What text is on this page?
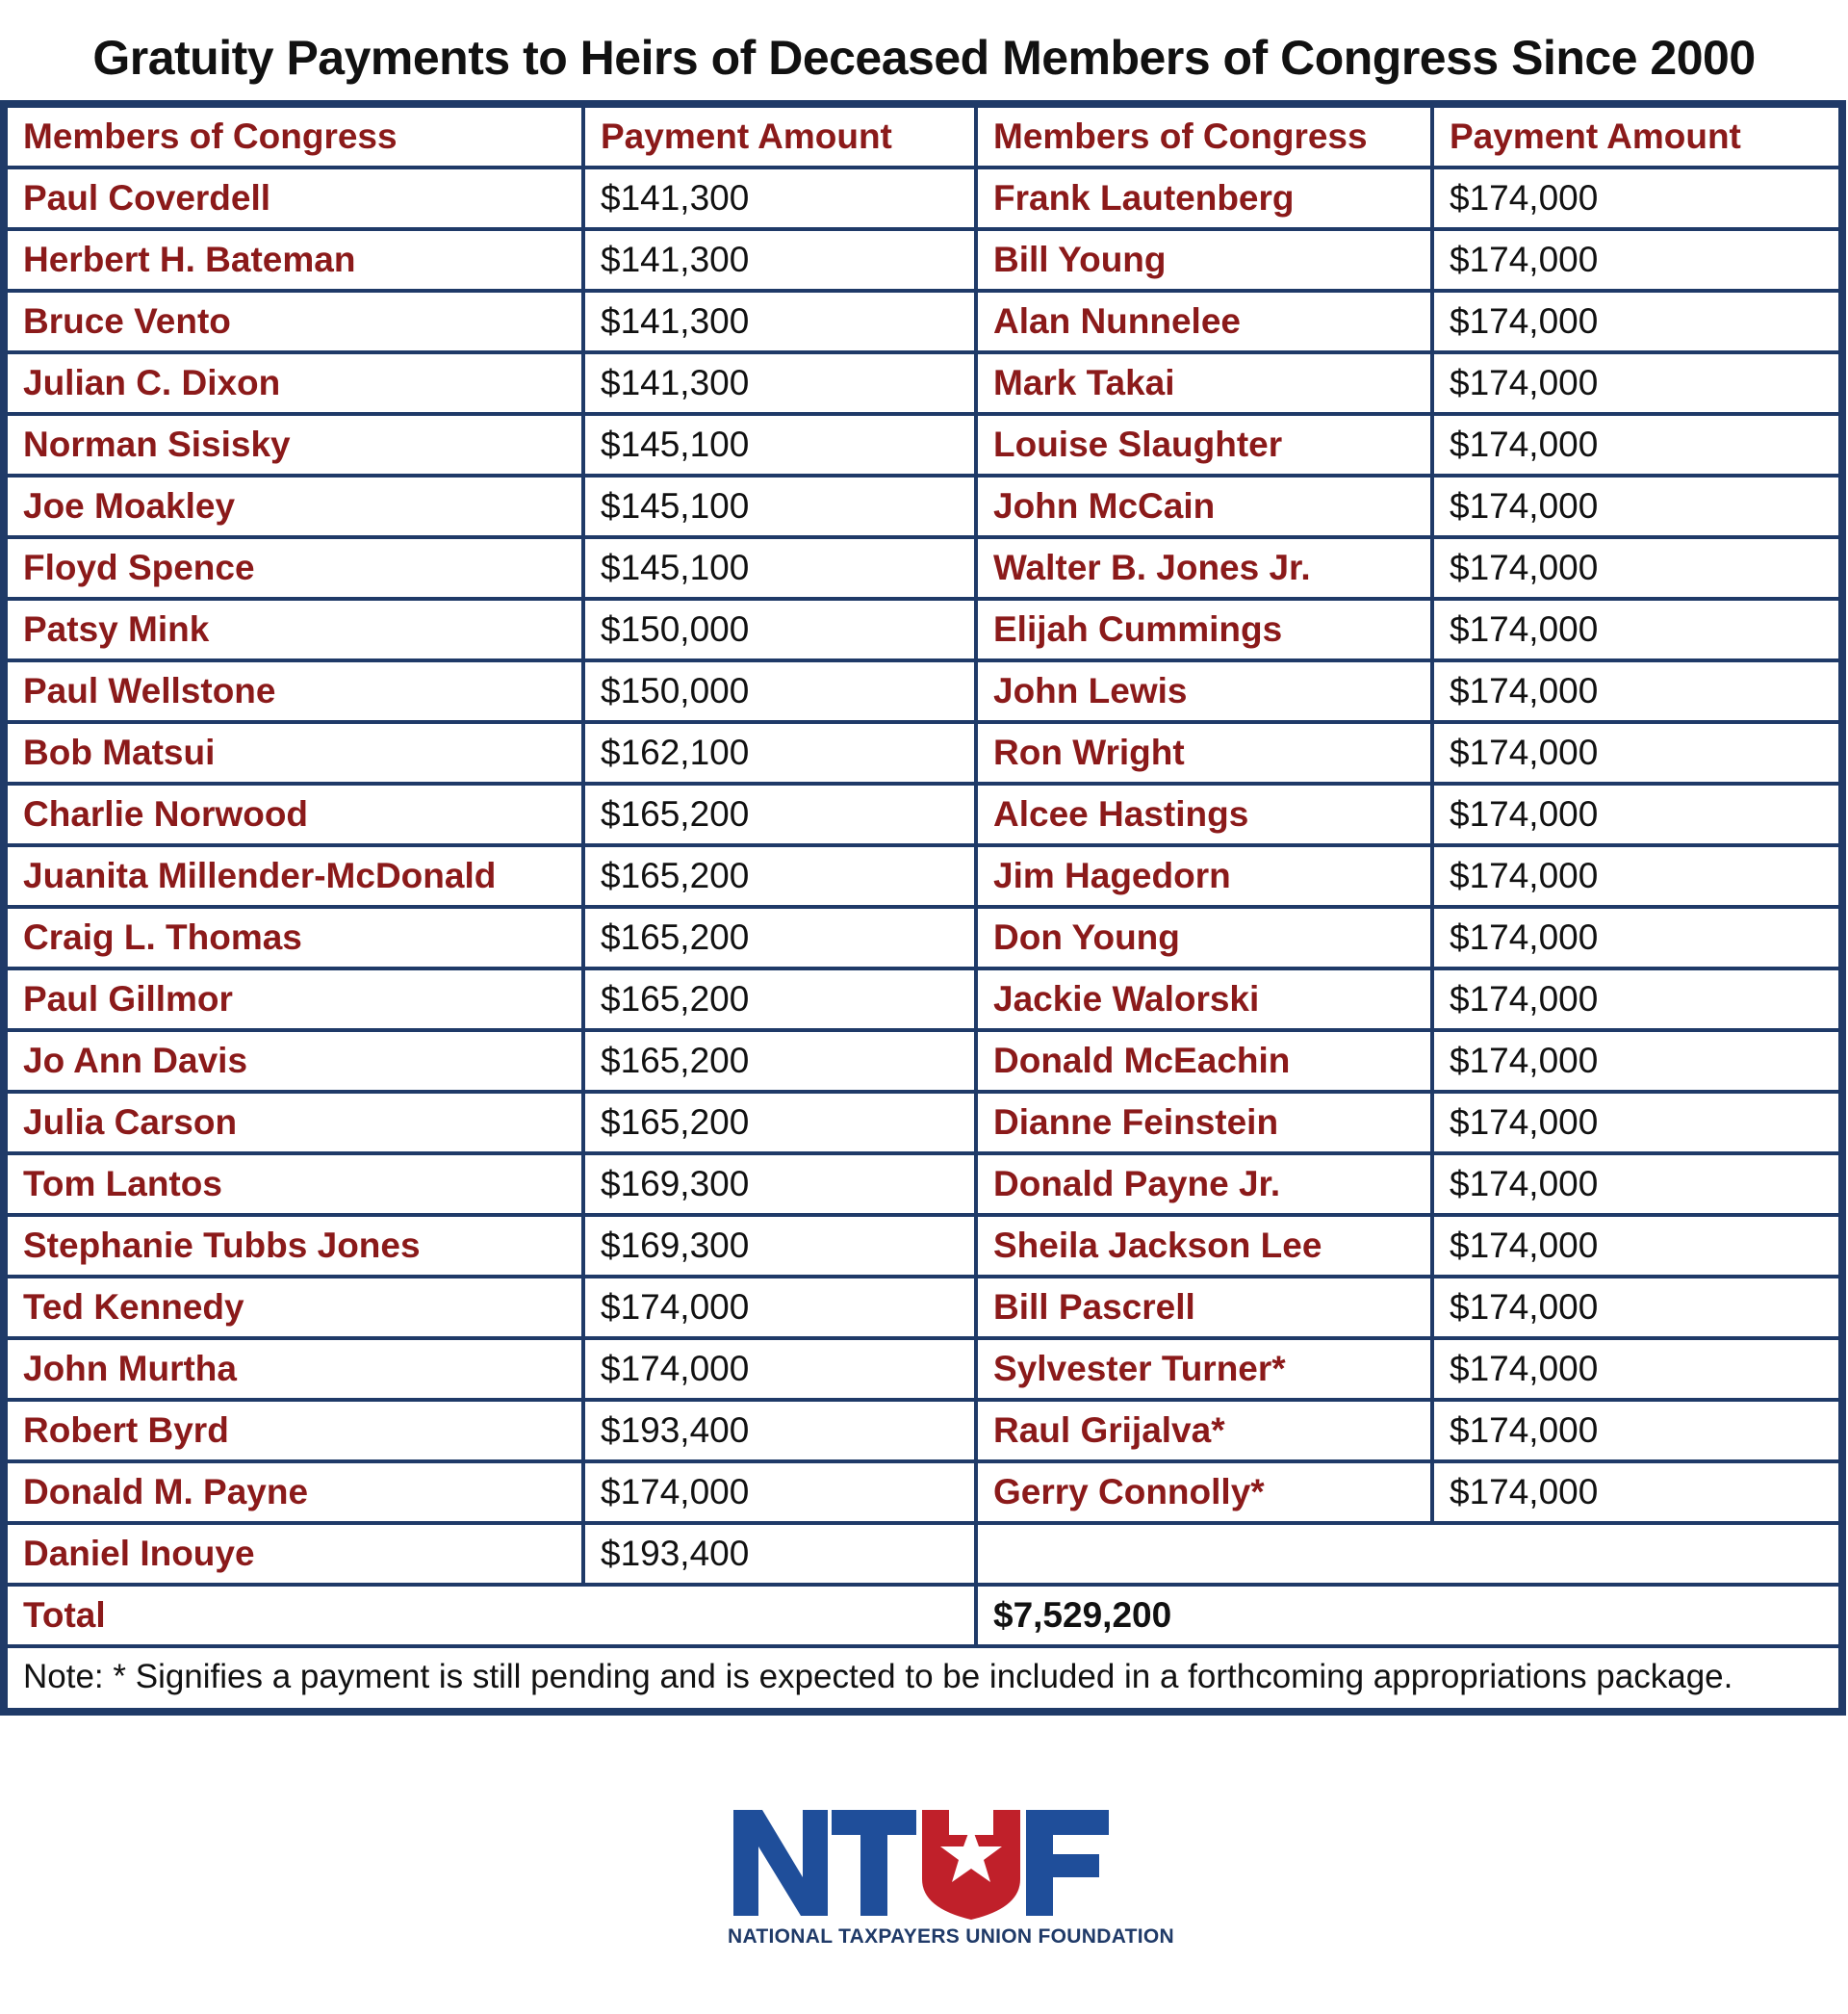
Gratuity Payments to Heirs of Deceased Members of Congress Since 2000
Members of Congress	Payment Amount	Members of Congress	Payment Amount
Paul Coverdell	$141,300	Frank Lautenberg	$174,000
Herbert H. Bateman	$141,300	Bill Young	$174,000
Bruce Vento	$141,300	Alan Nunnelee	$174,000
Julian C. Dixon	$141,300	Mark Takai	$174,000
Norman Sisisky	$145,100	Louise Slaughter	$174,000
Joe Moakley	$145,100	John McCain	$174,000
Floyd Spence	$145,100	Walter B. Jones Jr.	$174,000
Patsy Mink	$150,000	Elijah Cummings	$174,000
Paul Wellstone	$150,000	John Lewis	$174,000
Bob Matsui	$162,100	Ron Wright	$174,000
Charlie Norwood	$165,200	Alcee Hastings	$174,000
Juanita Millender-McDonald	$165,200	Jim Hagedorn	$174,000
Craig L. Thomas	$165,200	Don Young	$174,000
Paul Gillmor	$165,200	Jackie Walorski	$174,000
Jo Ann Davis	$165,200	Donald McEachin	$174,000
Julia Carson	$165,200	Dianne Feinstein	$174,000
Tom Lantos	$169,300	Donald Payne Jr.	$174,000
Stephanie Tubbs Jones	$169,300	Sheila Jackson Lee	$174,000
Ted Kennedy	$174,000	Bill Pascrell	$174,000
John Murtha	$174,000	Sylvester Turner*	$174,000
Robert Byrd	$193,400	Raul Grijalva*	$174,000
Donald M. Payne	$174,000	Gerry Connolly*	$174,000
Daniel Inouye	$193,400
Total	$7,529,200
Note: * Signifies a payment is still pending and is expected to be included in a forthcoming appropriations package.
NATIONAL TAXPAYERS UNION FOUNDATION
